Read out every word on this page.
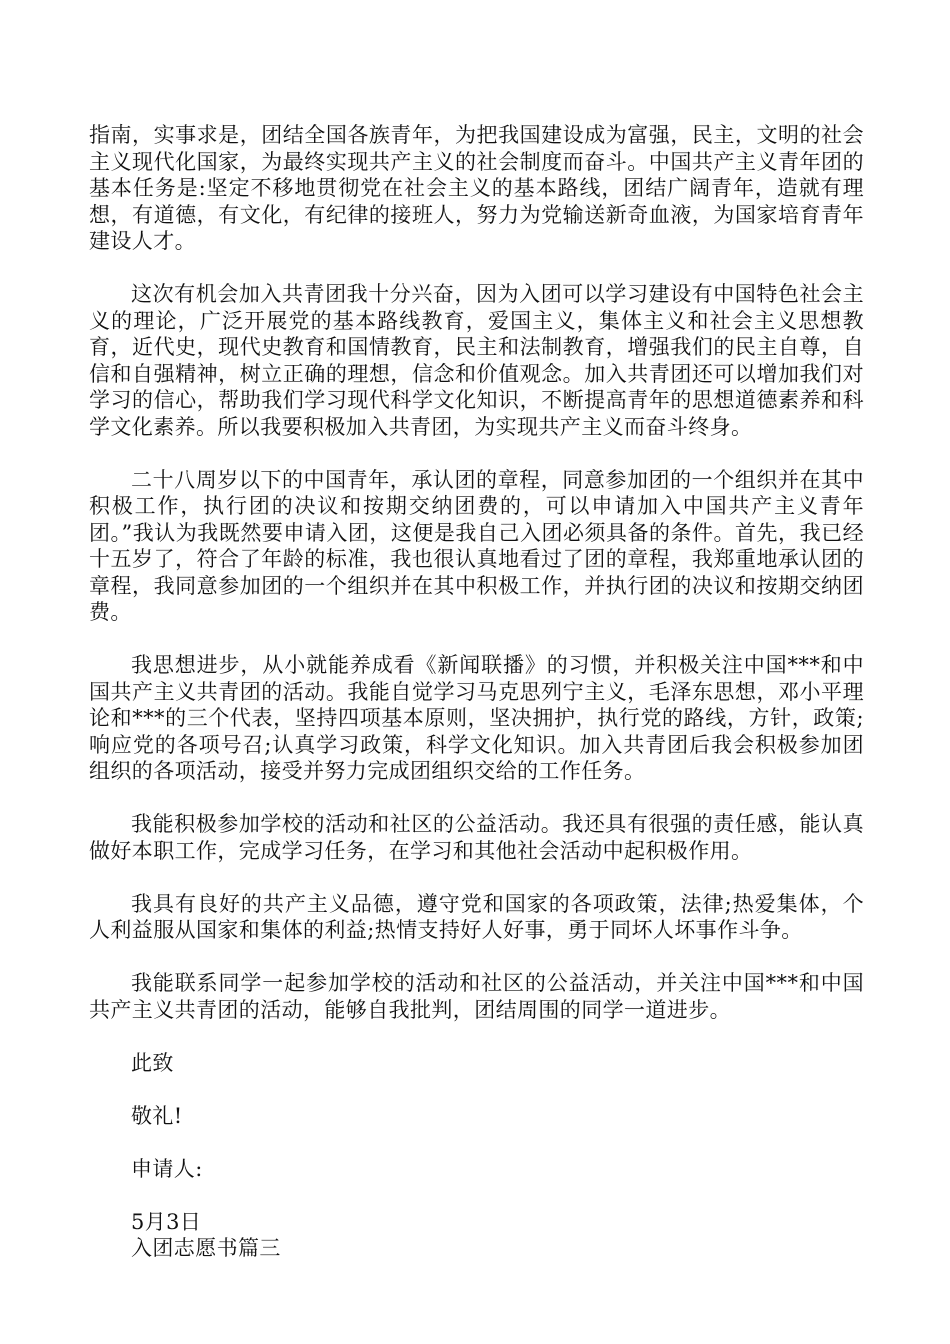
指南，实事求是，团结全国各族青年，为把我国建设成为富强，民主，文明的社会主义现代化国家，为最终实现共产主义的社会制度而奋斗。中国共产主义青年团的基本任务是:坚定不移地贯彻党在社会主义的基本路线，团结广阔青年，造就有理想，有道德，有文化，有纪律的接班人，努力为党输送新奇血液，为国家培育青年建设人才。

这次有机会加入共青团我十分兴奋，因为入团可以学习建设有中国特色社会主义的理论，广泛开展党的基本路线教育，爱国主义，集体主义和社会主义思想教育，近代史，现代史教育和国情教育，民主和法制教育，增强我们的民主自尊，自信和自强精神，树立正确的理想，信念和价值观念。加入共青团还可以增加我们对学习的信心，帮助我们学习现代科学文化知识，不断提高青年的思想道德素养和科学文化素养。所以我要积极加入共青团，为实现共产主义而奋斗终身。

二十八周岁以下的中国青年，承认团的章程，同意参加团的一个组织并在其中积极工作，执行团的决议和按期交纳团费的，可以申请加入中国共产主义青年团。”我认为我既然要申请入团，这便是我自己入团必须具备的条件。首先，我已经十五岁了，符合了年龄的标准，我也很认真地看过了团的章程，我郑重地承认团的章程，我同意参加团的一个组织并在其中积极工作，并执行团的决议和按期交纳团费。

我思想进步，从小就能养成看《新闻联播》的习惯，并积极关注中国***和中国共产主义共青团的活动。我能自觉学习马克思列宁主义，毛泽东思想，邓小平理论和***的三个代表，坚持四项基本原则，坚决拥护，执行党的路线，方针，政策;响应党的各项号召;认真学习政策，科学文化知识。加入共青团后我会积极参加团组织的各项活动，接受并努力完成团组织交给的工作任务。

我能积极参加学校的活动和社区的公益活动。我还具有很强的责任感，能认真做好本职工作，完成学习任务，在学习和其他社会活动中起积极作用。

我具有良好的共产主义品德，遵守党和国家的各项政策，法律;热爱集体，个人利益服从国家和集体的利益;热情支持好人好事，勇于同坏人坏事作斗争。

我能联系同学一起参加学校的活动和社区的公益活动，并关注中国***和中国共产主义共青团的活动，能够自我批判，团结周围的同学一道进步。

此致

敬礼!

申请人:

5月3日

入团志愿书篇三
